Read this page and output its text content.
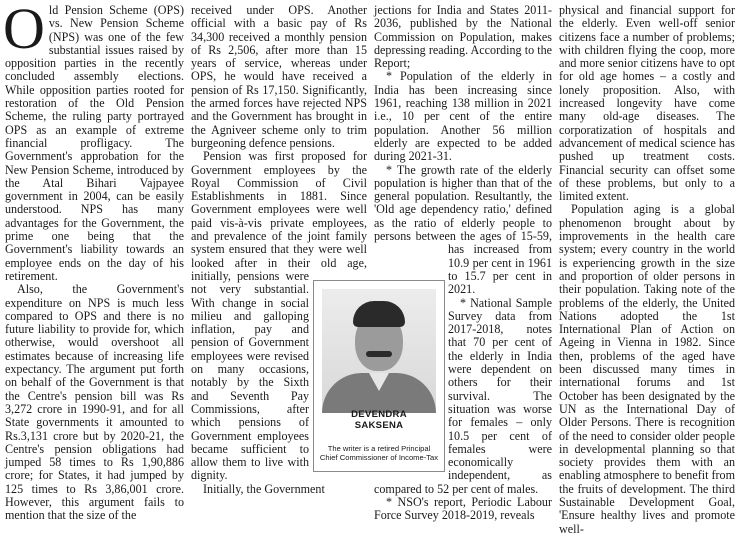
O ld Pension Scheme (OPS) vs. New Pension Scheme (NPS) was one of the few substantial issues raised by opposition parties in the recently concluded assembly elections. While opposition parties rooted for restoration of the Old Pension Scheme, the ruling party portrayed OPS as an example of extreme financial profligacy. The Government's approbation for the New Pension Scheme, introduced by the Atal Bihari Vajpayee government in 2004, can be easily understood. NPS has many advantages for the Government, the prime one being that the Government's liability towards an employee ends on the day of his retirement.

Also, the Government's expenditure on NPS is much less compared to OPS and there is no future liability to provide for, which otherwise, would overshoot all estimates because of increasing life expectancy. The argument put forth on behalf of the Government is that the Centre's pension bill was Rs 3,272 crore in 1990-91, and for all State governments it amounted to Rs.3,131 crore but by 2020-21, the Centre's pension obligations had jumped 58 times to Rs 1,90,886 crore; for States, it had jumped by 125 times to Rs 3,86,001 crore. However, this argument fails to mention that the size of the

received under OPS. Another official with a basic pay of Rs 34,300 received a monthly pension of Rs 2,506, after more than 15 years of service, whereas under OPS, he would have received a pension of Rs 17,150. Significantly, the armed forces have rejected NPS and the Government has brought in the Agniveer scheme only to trim burgeoning defence pensions.

Pension was first proposed for Government employees by the Royal Commission of Civil Establishments in 1881. Since Government employees were well paid vis-à-vis private employees, and prevalence of the joint family system ensured that they were well looked after in their old age, initially, pensions were not very substantial. With change in social milieu and galloping inflation, pay and pension of Government employees were revised on many occasions, notably by the Sixth and Seventh Pay Commissions, after which pensions of Government employees became sufficient to allow them to live with dignity.

Initially, the Government

jections for India and States 2011-2036, published by the National Commission on Population, makes depressing reading. According to the Report;

* Population of the elderly in India has been increasing since 1961, reaching 138 million in 2021 i.e., 10 per cent of the entire population. Another 56 million elderly are expected to be added during 2021-31.

* The growth rate of the elderly population is higher than that of the general population. Resultantly, the 'Old age dependency ratio,' defined as the ratio of elderly people to persons between the ages of 15-59, has increased from 10.9 per cent in 1961 to 15.7 per cent in 2021.

* National Sample Survey data from 2017-2018, notes that 70 per cent of the elderly in India were dependent on others for their survival. The situation was worse for females – only 10.5 per cent of females were economically independent, as compared to 52 per cent of males.

* NSO's report, Periodic Labour Force Survey 2018-2019, reveals

physical and financial support for the elderly. Even well-off senior citizens face a number of problems; with children flying the coop, more and more senior citizens have to opt for old age homes – a costly and lonely proposition. Also, with increased longevity have come many old-age diseases. The corporatization of hospitals and advancement of medical science has pushed up treatment costs. Financial security can offset some of these problems, but only to a limited extent.

Population aging is a global phenomenon brought about by improvements in the health care system; every country in the world is experiencing growth in the size and proportion of older persons in their population. Taking note of the problems of the elderly, the United Nations adopted the 1st International Plan of Action on Ageing in Vienna in 1982. Since then, problems of the aged have been discussed many times in international forums and 1st October has been designated by the UN as the International Day of Older Persons. There is recognition of the need to consider older people in developmental planning so that society provides them with an enabling atmosphere to benefit from the fruits of development. The third Sustainable Development Goal, 'Ensure healthy lives and promote well-

DEVENDRA
SAKSENA
The writer is a retired Principal Chief Commissioner of Income-Tax
